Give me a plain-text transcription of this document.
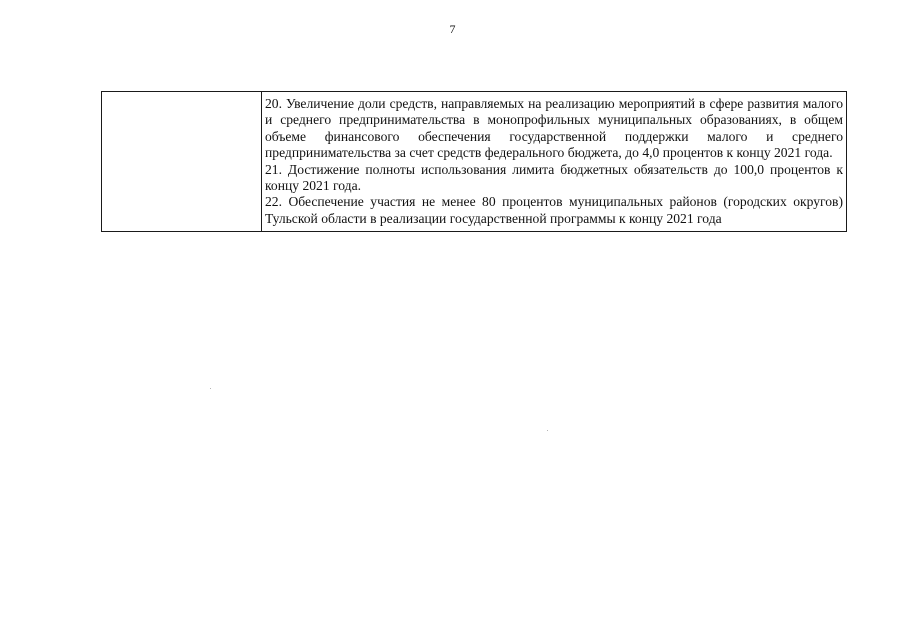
7

20. Увеличение доли средств, направляемых на реализацию мероприятий в сфере развития малого и среднего предпринимательства в монопрофильных муниципальных образованиях, в общем объеме финансового обеспечения государственной поддержки малого и среднего предпринимательства за счет средств федерального бюджета, до 4,0 процентов к концу 2021 года.

21. Достижение полноты использования лимита бюджетных обязательств до 100,0 процентов к концу 2021 года.

22. Обеспечение участия не менее 80 процентов муниципальных районов (городских округов) Тульской области в реализации государственной программы к концу 2021 года
